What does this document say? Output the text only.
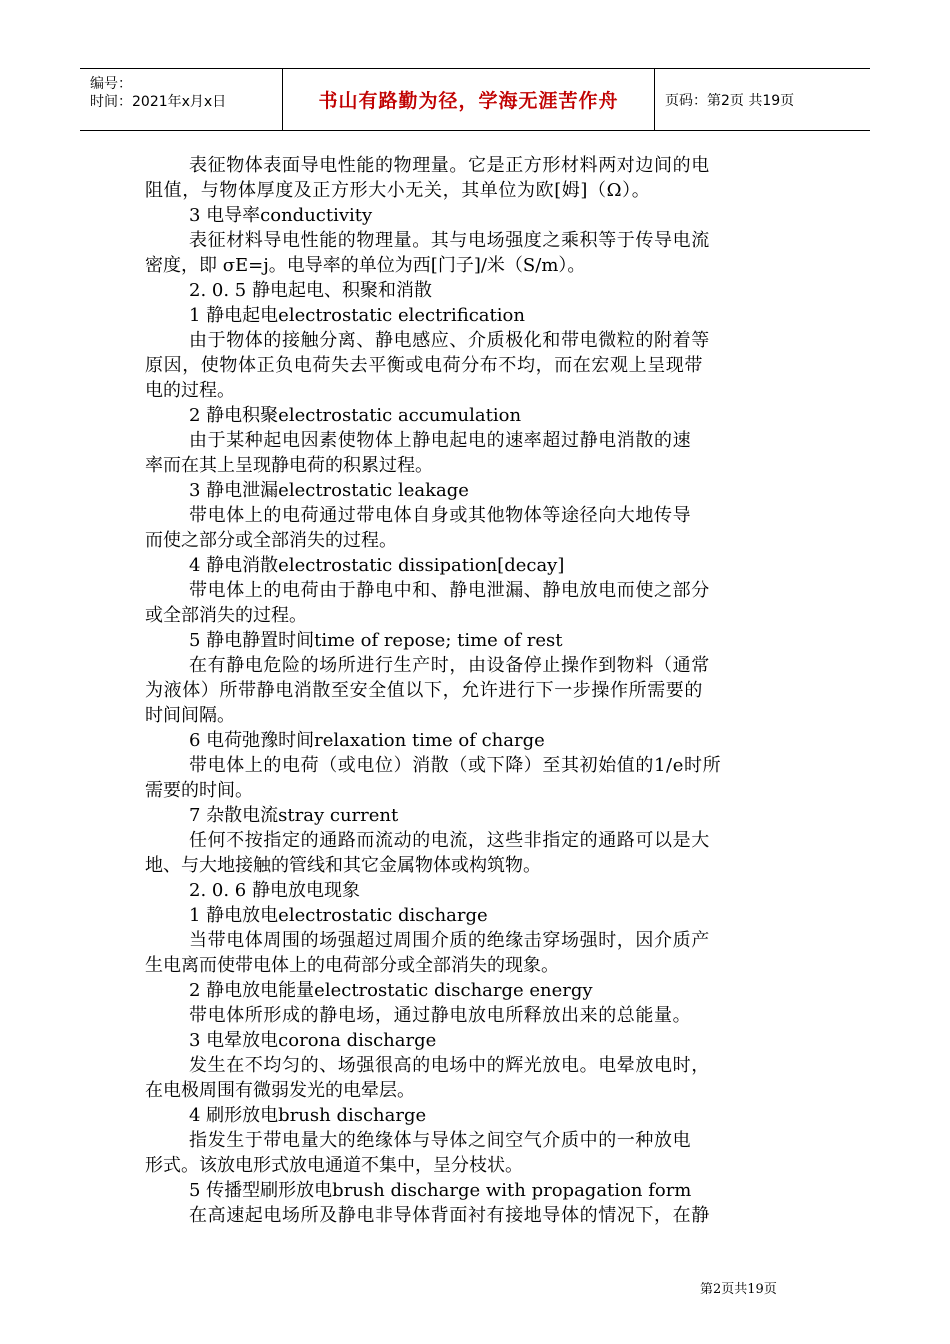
编号：
时间：2021年x月x日	书山有路勤为径，学海无涯苦作舟	页码：第2页 共19页
表征物体表面导电性能的物理量。它是正方形材料两对边间的电
阻值，与物体厚度及正方形大小无关，其单位为欧[姆]（Ω）。
3 电导率conductivity
表征材料导电性能的物理量。其与电场强度之乘积等于传导电流
密度，即 σE=j。电导率的单位为西[门子]/米（S/m）。
2. 0. 5 静电起电、积聚和消散
1 静电起电electrostatic electrification
由于物体的接触分离、静电感应、介质极化和带电微粒的附着等
原因，使物体正负电荷失去平衡或电荷分布不均，而在宏观上呈现带
电的过程。
2 静电积聚electrostatic accumulation
由于某种起电因素使物体上静电起电的速率超过静电消散的速
率而在其上呈现静电荷的积累过程。
3 静电泄漏electrostatic leakage
带电体上的电荷通过带电体自身或其他物体等途径向大地传导
而使之部分或全部消失的过程。
4 静电消散electrostatic dissipation[decay]
带电体上的电荷由于静电中和、静电泄漏、静电放电而使之部分
或全部消失的过程。
5 静电静置时间time of repose; time of rest
在有静电危险的场所进行生产时，由设备停止操作到物料（通常
为液体）所带静电消散至安全值以下，允许进行下一步操作所需要的
时间间隔。
6 电荷弛豫时间relaxation time of charge
带电体上的电荷（或电位）消散（或下降）至其初始值的1/e时所
需要的时间。
7 杂散电流stray current
任何不按指定的通路而流动的电流，这些非指定的通路可以是大
地、与大地接触的管线和其它金属物体或构筑物。
2. 0. 6 静电放电现象
1 静电放电electrostatic discharge
当带电体周围的场强超过周围介质的绝缘击穿场强时，因介质产
生电离而使带电体上的电荷部分或全部消失的现象。
2 静电放电能量electrostatic discharge energy
带电体所形成的静电场，通过静电放电所释放出来的总能量。
3 电晕放电corona discharge
发生在不均匀的、场强很高的电场中的辉光放电。电晕放电时，
在电极周围有微弱发光的电晕层。
4 刷形放电brush discharge
指发生于带电量大的绝缘体与导体之间空气介质中的一种放电
形式。该放电形式放电通道不集中，呈分枝状。
5 传播型刷形放电brush discharge with propagation form
在高速起电场所及静电非导体背面衬有接地导体的情况下，在静
第2页共19页
